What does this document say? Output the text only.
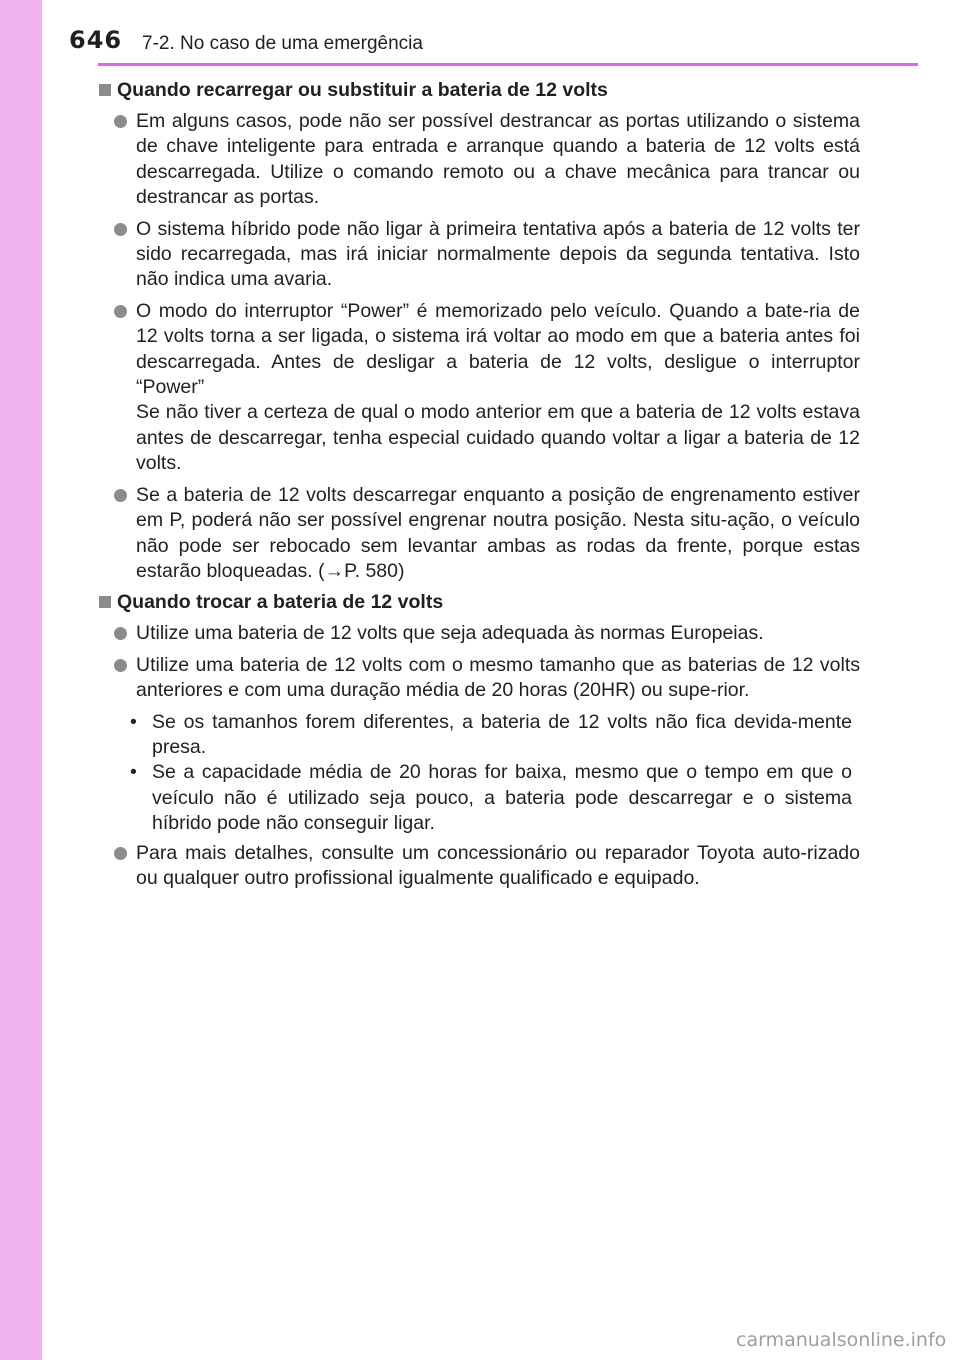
646 7-2. No caso de uma emergência
Quando recarregar ou substituir a bateria de 12 volts
Em alguns casos, pode não ser possível destrancar as portas utilizando o sistema de chave inteligente para entrada e arranque quando a bateria de 12 volts está descarregada. Utilize o comando remoto ou a chave mecânica para trancar ou destrancar as portas.
O sistema híbrido pode não ligar à primeira tentativa após a bateria de 12 volts ter sido recarregada, mas irá iniciar normalmente depois da segunda tentativa. Isto não indica uma avaria.
O modo do interruptor “Power” é memorizado pelo veículo. Quando a bate-ria de 12 volts torna a ser ligada, o sistema irá voltar ao modo em que a bateria antes foi descarregada. Antes de desligar a bateria de 12 volts, desligue o interruptor “Power”
Se não tiver a certeza de qual o modo anterior em que a bateria de 12 volts estava antes de descarregar, tenha especial cuidado quando voltar a ligar a bateria de 12 volts.
Se a bateria de 12 volts descarregar enquanto a posição de engrenamento estiver em P, poderá não ser possível engrenar noutra posição. Nesta situ-ação, o veículo não pode ser rebocado sem levantar ambas as rodas da frente, porque estas estarão bloqueadas. (→P. 580)
Quando trocar a bateria de 12 volts
Utilize uma bateria de 12 volts que seja adequada às normas Europeias.
Utilize uma bateria de 12 volts com o mesmo tamanho que as baterias de 12 volts anteriores e com uma duração média de 20 horas (20HR) ou supe-rior.
• Se os tamanhos forem diferentes, a bateria de 12 volts não fica devida-mente presa.
• Se a capacidade média de 20 horas for baixa, mesmo que o tempo em que o veículo não é utilizado seja pouco, a bateria pode descarregar e o sistema híbrido pode não conseguir ligar.
Para mais detalhes, consulte um concessionário ou reparador Toyota auto-rizado ou qualquer outro profissional igualmente qualificado e equipado.
carmanualsonline.info
